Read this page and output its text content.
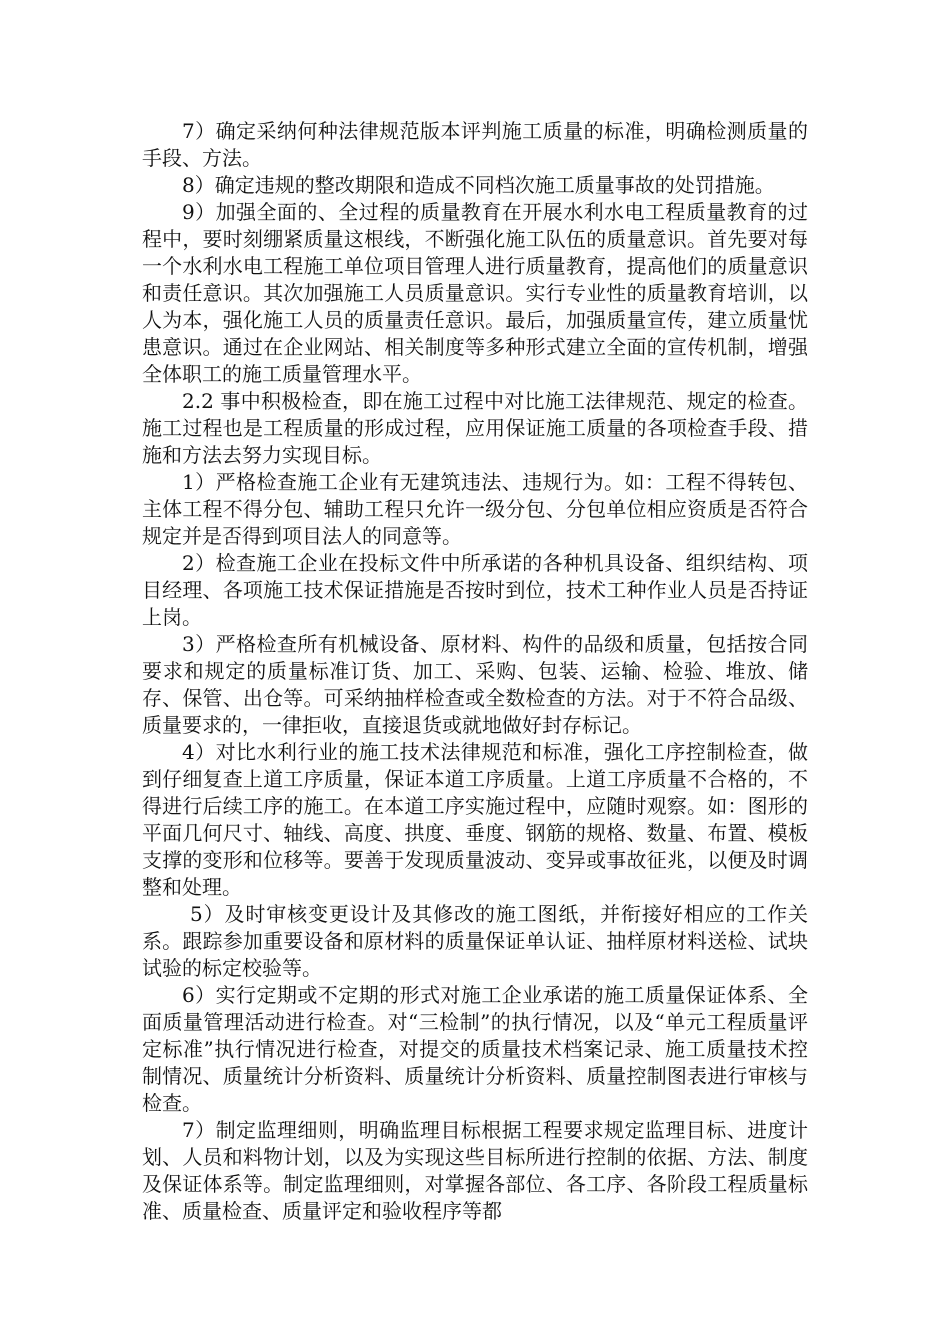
7）确定采纳何种法律规范版本评判施工质量的标准，明确检测质量的手段、方法。

8）确定违规的整改期限和造成不同档次施工质量事故的处罚措施。

9）加强全面的、全过程的质量教育在开展水利水电工程质量教育的过程中，要时刻绷紧质量这根线，不断强化施工队伍的质量意识。首先要对每一个水利水电工程施工单位项目管理人进行质量教育，提高他们的质量意识和责任意识。其次加强施工人员质量意识。实行专业性的质量教育培训，以人为本，强化施工人员的质量责任意识。最后，加强质量宣传，建立质量忧患意识。通过在企业网站、相关制度等多种形式建立全面的宣传机制，增强全体职工的施工质量管理水平。

2.2 事中积极检查，即在施工过程中对比施工法律规范、规定的检查。施工过程也是工程质量的形成过程，应用保证施工质量的各项检查手段、措施和方法去努力实现目标。

1）严格检查施工企业有无建筑违法、违规行为。如：工程不得转包、主体工程不得分包、辅助工程只允许一级分包、分包单位相应资质是否符合规定并是否得到项目法人的同意等。

2）检查施工企业在投标文件中所承诺的各种机具设备、组织结构、项目经理、各项施工技术保证措施是否按时到位，技术工种作业人员是否持证上岗。

3）严格检查所有机械设备、原材料、构件的品级和质量，包括按合同要求和规定的质量标准订货、加工、采购、包装、运输、检验、堆放、储存、保管、出仓等。可采纳抽样检查或全数检查的方法。对于不符合品级、质量要求的，一律拒收，直接退货或就地做好封存标记。

4）对比水利行业的施工技术法律规范和标准，强化工序控制检查，做到仔细复查上道工序质量，保证本道工序质量。上道工序质量不合格的，不得进行后续工序的施工。在本道工序实施过程中，应随时观察。如：图形的平面几何尺寸、轴线、高度、拱度、垂度、钢筋的规格、数量、布置、模板支撑的变形和位移等。要善于发现质量波动、变异或事故征兆，以便及时调整和处理。

5）及时审核变更设计及其修改的施工图纸，并衔接好相应的工作关系。跟踪参加重要设备和原材料的质量保证单认证、抽样原材料送检、试块试验的标定校验等。

6）实行定期或不定期的形式对施工企业承诺的施工质量保证体系、全面质量管理活动进行检查。对“三检制”的执行情况，以及“单元工程质量评定标准”执行情况进行检查，对提交的质量技术档案记录、施工质量技术控制情况、质量统计分析资料、质量统计分析资料、质量控制图表进行审核与检查。

7）制定监理细则，明确监理目标根据工程要求规定监理目标、进度计划、人员和料物计划，以及为实现这些目标所进行控制的依据、方法、制度及保证体系等。制定监理细则，对掌握各部位、各工序、各阶段工程质量标准、质量检查、质量评定和验收程序等都
